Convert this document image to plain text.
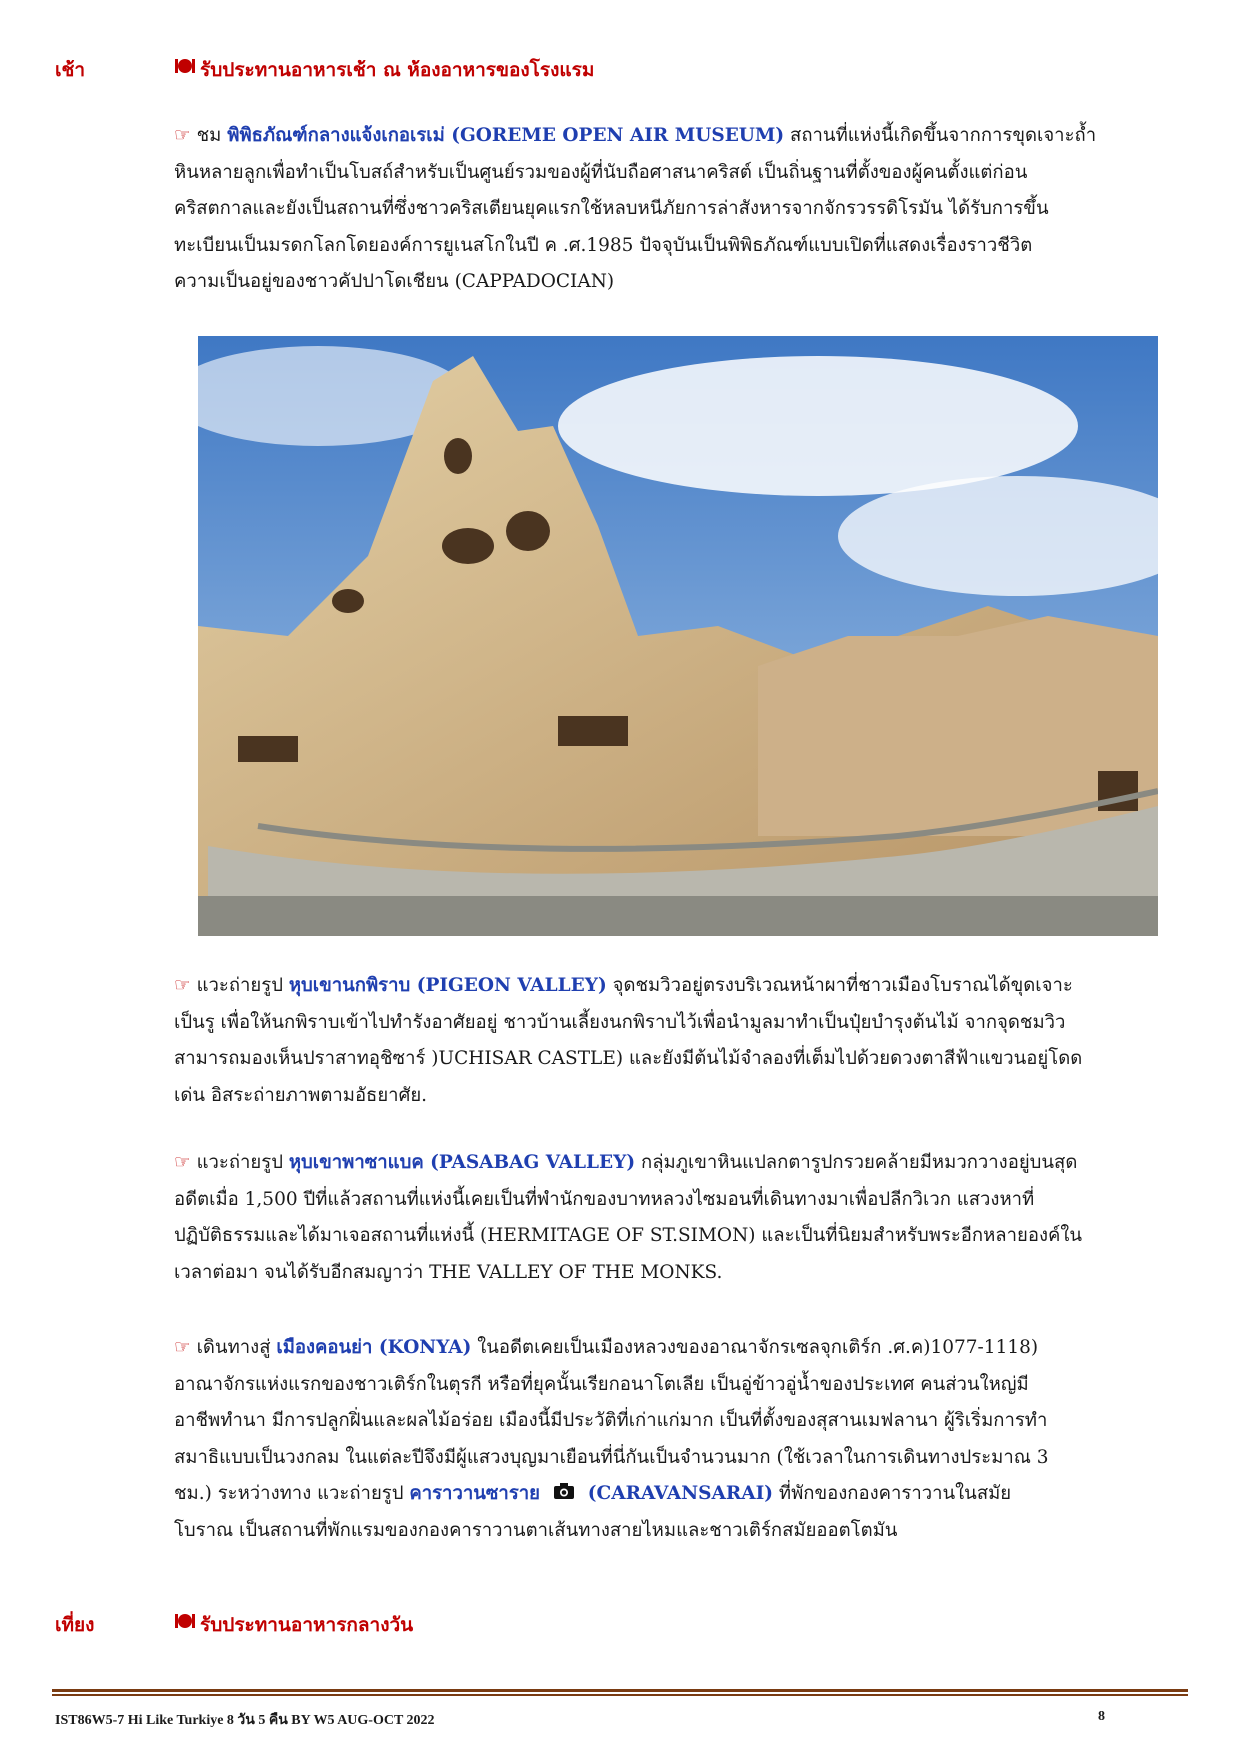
เช้า	รับประทานอาหารเช้า ณ ห้องอาหารของโรงแรม
☞ ชม พิพิธภัณฑ์กลางแจ้งเกอเรเม่ (GOREME OPEN AIR MUSEUM) สถานที่แห่งนี้เกิดขึ้นจากการขุดเจาะถ้ำ
หินหลายลูกเพื่อทำเป็นโบสถ์สำหรับเป็นศูนย์รวมของผู้ที่นับถือศาสนาคริสต์ เป็นถิ่นฐานที่ตั้งของผู้คนตั้งแต่ก่อน
คริสตกาลและยังเป็นสถานที่ซึ่งชาวคริสเตียนยุคแรกใช้หลบหนีภัยการล่าสังหารจากจักรวรรดิโรมัน ได้รับการขึ้น
ทะเบียนเป็นมรดกโลกโดยองค์การยูเนสโกในปี ค .ศ.1985 ปัจจุบันเป็นพิพิธภัณฑ์แบบเปิดที่แสดงเรื่องราวชีวิต
ความเป็นอยู่ของชาวคัปปาโดเชียน (CAPPADOCIAN)
☞ แวะถ่ายรูป หุบเขานกพิราบ (PIGEON VALLEY) จุดชมวิวอยู่ตรงบริเวณหน้าผาที่ชาวเมืองโบราณได้ขุดเจาะ
เป็นรู เพื่อให้นกพิราบเข้าไปทำรังอาศัยอยู่ ชาวบ้านเลี้ยงนกพิราบไว้เพื่อนำมูลมาทำเป็นปุ๋ยบำรุงต้นไม้ จากจุดชมวิว
สามารถมองเห็นปราสาทอุชิซาร์ )UCHISAR CASTLE) และยังมีต้นไม้จำลองที่เต็มไปด้วยดวงตาสีฟ้าแขวนอยู่โดด
เด่น อิสระถ่ายภาพตามอัธยาศัย.
☞ แวะถ่ายรูป หุบเขาพาซาแบค (PASABAG VALLEY) กลุ่มภูเขาหินแปลกตารูปกรวยคล้ายมีหมวกวางอยู่บนสุด
อดีตเมื่อ 1,500 ปีที่แล้วสถานที่แห่งนี้เคยเป็นที่พำนักของบาทหลวงไซมอนที่เดินทางมาเพื่อปลีกวิเวก แสวงหาที่
ปฏิบัติธรรมและได้มาเจอสถานที่แห่งนี้ (HERMITAGE OF ST.SIMON) และเป็นที่นิยมสำหรับพระอีกหลายองค์ใน
เวลาต่อมา จนได้รับอีกสมญาว่า THE VALLEY OF THE MONKS.
☞ เดินทางสู่ เมืองคอนย่า (KONYA) ในอดีตเคยเป็นเมืองหลวงของอาณาจักรเซลจุกเติร์ก .ศ.ค)1077-1118)
อาณาจักรแห่งแรกของชาวเติร์กในตุรกี หรือที่ยุคนั้นเรียกอนาโตเลีย เป็นอู่ข้าวอู่น้ำของประเทศ คนส่วนใหญ่มี
อาชีพทำนา มีการปลูกฝิ่นและผลไม้อร่อย เมืองนี้มีประวัติที่เก่าแก่มาก เป็นที่ตั้งของสุสานเมฟลานา ผู้ริเริ่มการทำ
สมาธิแบบเป็นวงกลม ในแต่ละปีจึงมีผู้แสวงบุญมาเยือนที่นี่กันเป็นจำนวนมาก (ใช้เวลาในการเดินทางประมาณ 3
ชม.) ระหว่างทาง แวะถ่ายรูป คาราวานซาราย	(CARAVANSARAI) ที่พักของกองคาราวานในสมัย
โบราณ เป็นสถานที่พักแรมของกองคาราวานตาเส้นทางสายไหมและชาวเติร์กสมัยออตโตมัน
เที่ยง	รับประทานอาหารกลางวัน
IST86W5-7 Hi Like Turkiye 8 วัน 5 คืน BY W5 AUG-OCT 2022	8
